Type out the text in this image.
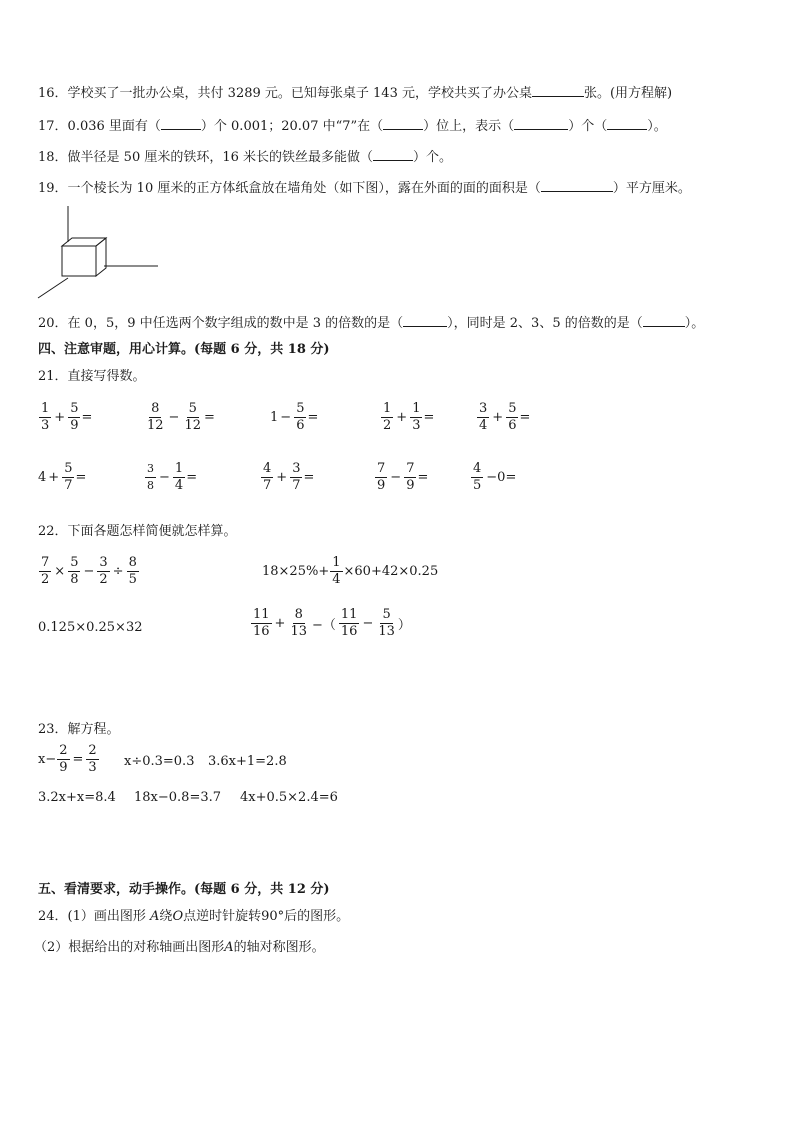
16．学校买了一批办公桌，共付 3289 元。已知每张桌子 143 元，学校共买了办公桌	张。(用方程解)
17．0.036 里面有（	）个 0.001；20.07 中“7”在（	）位上，表示（	）个（	）。
18．做半径是 50 厘米的铁环，16 米长的铁丝最多能做（	）个。
19．一个棱长为 10 厘米的正方体纸盒放在墙角处（如下图），露在外面的面的面积是（	）平方厘米。
20．在 0，5，9 中任选两个数字组成的数中是 3 的倍数的是（	），同时是 2、3、5 的倍数的是（	）。
四、注意审题，用心计算。(每题 6 分，共 18 分)
21．直接写得数。
$\frac{1}{3} + \frac{5}{9}$ =	$\frac{8}{12} - \frac{5}{12}$ =	$1 - \frac{5}{6}$ =	$\frac{1}{2} + \frac{1}{3}$ =	$\frac{3}{4} + \frac{5}{6}$ =
$4 + \frac{5}{7}$ =	$\frac{3}{8} - \frac{1}{4}$ =	$\frac{4}{7} + \frac{3}{7}$ =	$\frac{7}{9} - \frac{7}{9}$ =	$\frac{4}{5} -0=$
22．下面各题怎样简便就怎样算。
$\frac{7}{2} \times \frac{5}{8} - \frac{3}{2} \div \frac{8}{5}$	$18\times 25\%+ \frac{1}{4} \times 60+42\times 0.25$
0.125×0.25×32	$\frac{11}{16} + \frac{8}{13}$ −（ $\frac{11}{16} - \frac{5}{13}$ ）
23．解方程。
$x- \frac{2}{9} = \frac{2}{3} x\div 0.3=0.3$ 3.6x+1=2.8
3.2x+x=8.4 18x−0.8=3.7 4x+0.5×2.4=6
五、看清要求，动手操作。(每题 6 分，共 12 分)
24．(1）画出图形 A绕O点逆时针旋转90°后的图形。
（2）根据给出的对称轴画出图形A的轴对称图形。
